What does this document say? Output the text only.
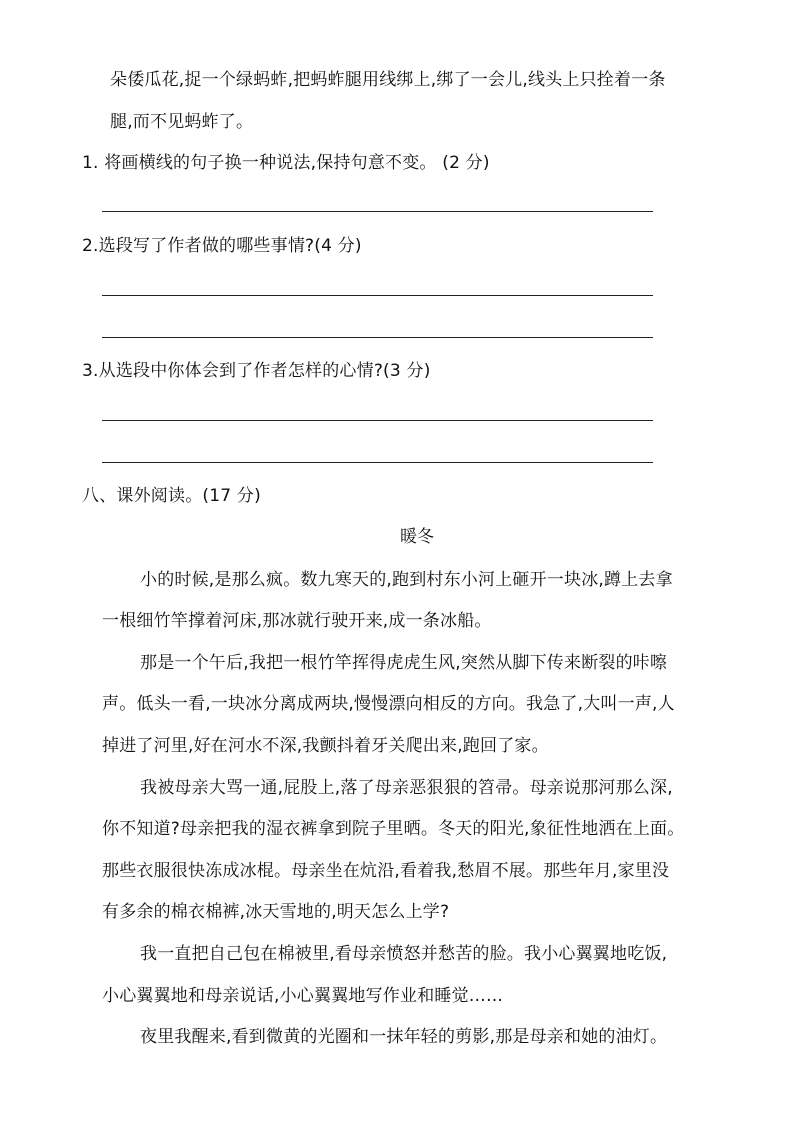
朵倭瓜花,捉一个绿蚂蚱,把蚂蚱腿用线绑上,绑了一会儿,线头上只拴着一条
腿,而不见蚂蚱了。
1. 将画横线的句子换一种说法,保持句意不变。 (2 分)
2.选段写了作者做的哪些事情?(4 分)
3.从选段中你体会到了作者怎样的心情?(3 分)
八、课外阅读。(17 分)
暖冬
小的时候,是那么疯。数九寒天的,跑到村东小河上砸开一块冰,蹲上去拿
一根细竹竿撑着河床,那冰就行驶开来,成一条冰船。
那是一个午后,我把一根竹竿挥得虎虎生风,突然从脚下传来断裂的咔嚓
声。低头一看,一块冰分离成两块,慢慢漂向相反的方向。我急了,大叫一声,人
掉进了河里,好在河水不深,我颤抖着牙关爬出来,跑回了家。
我被母亲大骂一通,屁股上,落了母亲恶狠狠的笤帚。母亲说那河那么深,
你不知道?母亲把我的湿衣裤拿到院子里晒。冬天的阳光,象征性地洒在上面。
那些衣服很快冻成冰棍。母亲坐在炕沿,看着我,愁眉不展。那些年月,家里没
有多余的棉衣棉裤,冰天雪地的,明天怎么上学?
我一直把自己包在棉被里,看母亲愤怒并愁苦的脸。我小心翼翼地吃饭,
小心翼翼地和母亲说话,小心翼翼地写作业和睡觉……
夜里我醒来,看到微黄的光圈和一抹年轻的剪影,那是母亲和她的油灯。
